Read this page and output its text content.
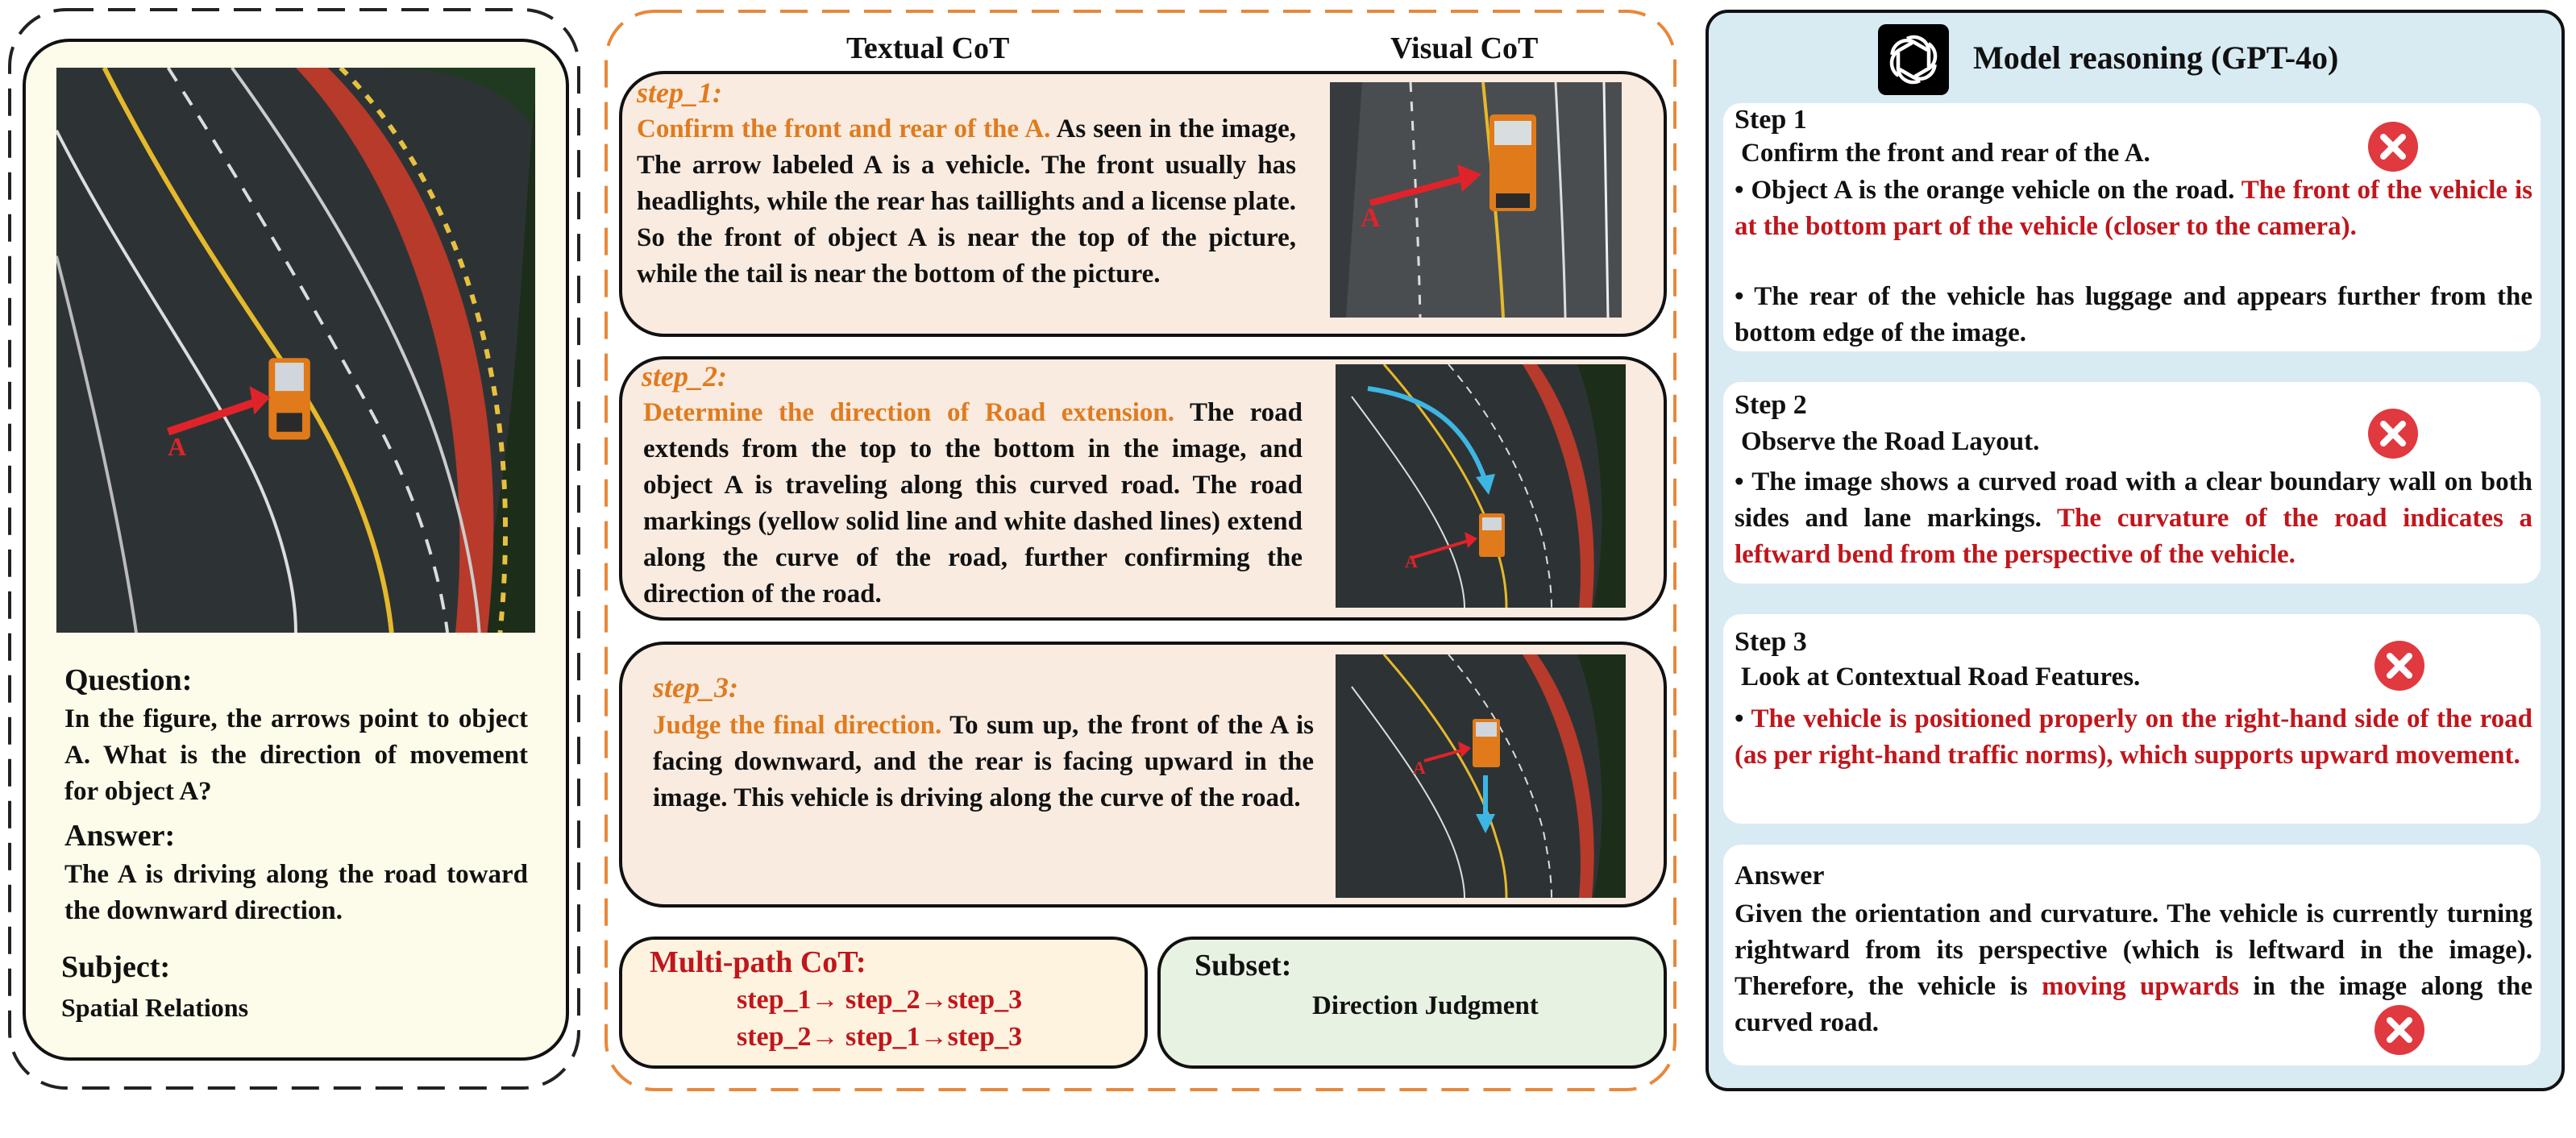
A
Question:
In the figure, the arrows point to object A. What is the direction of movement for object A?
Answer:
The A is driving along the road toward the downward direction.
Subject:
Spatial Relations
Textual CoT	Visual CoT
step_1:
Confirm the front and rear of the A. As seen in the image, The arrow labeled A is a vehicle. The front usually has headlights, while the rear has taillights and a license plate. So the front of object A is near the top of the picture, while the tail is near the bottom of the picture.
A
step_2:
Determine the direction of Road extension. The road extends from the top to the bottom in the image, and object A is traveling along this curved road. The road markings (yellow solid line and white dashed lines) extend along the curve of the road, further confirming the direction of the road.
A
step_3:
Judge the final direction. To sum up, the front of the A is facing downward, and the rear is facing upward in the image. This vehicle is driving along the curve of the road.
A
Multi-path CoT:
step_1→ step_2→step_3
step_2→ step_1→step_3
Subset:
Direction Judgment
Model reasoning (GPT-4o)
Step 1
Confirm the front and rear of the A.
• Object A is the orange vehicle on the road. The front of the vehicle is at the bottom part of the vehicle (closer to the camera).
• The rear of the vehicle has luggage and appears further from the bottom edge of the image.
Step 2
Observe the Road Layout.
• The image shows a curved road with a clear boundary wall on both sides and lane markings. The curvature of the road indicates a leftward bend from the perspective of the vehicle.
Step 3
Look at Contextual Road Features.
• The vehicle is positioned properly on the right-hand side of the road (as per right-hand traffic norms), which supports upward movement.
Answer
Given the orientation and curvature. The vehicle is currently turning rightward from its perspective (which is leftward in the image). Therefore, the vehicle is moving upwards in the image along the curved road.
